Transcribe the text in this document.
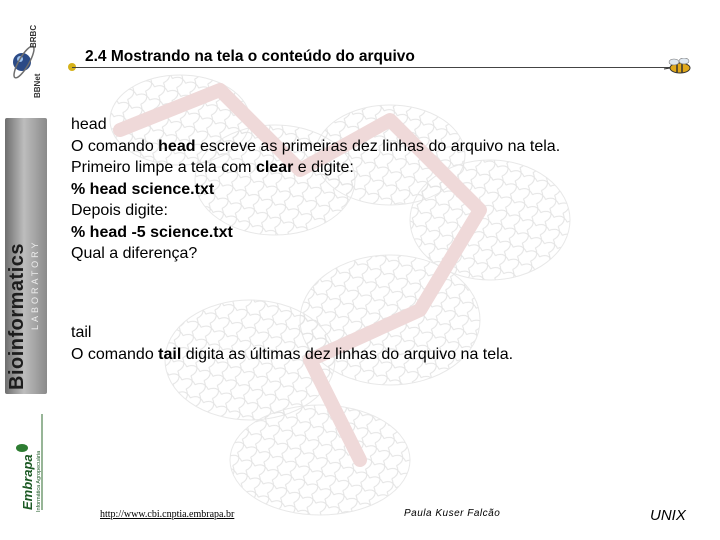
BRBC
BBNet
Bioinformatics LABORATORY
Embrapa Informática Agropecuária
2.4 Mostrando na tela o conteúdo do arquivo

head

O comando head escreve as primeiras dez linhas do arquivo na tela.

Primeiro limpe a tela com clear e digite:

% head science.txt

Depois digite:

% head -5 science.txt

Qual a diferença?

tail

O comando tail digita as últimas dez linhas do arquivo na tela.

http://www.cbi.cnptia.embrapa.br	Paula Kuser Falcão	UNIX
